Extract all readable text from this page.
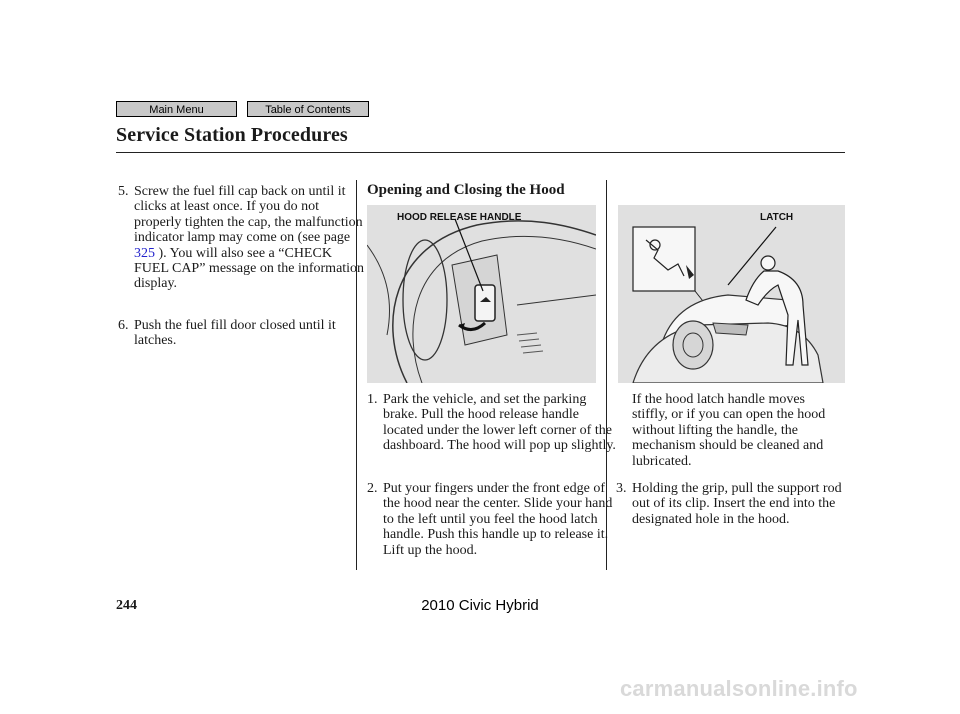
Main Menu	Table of Contents
Service Station Procedures

5. Screw the fuel fill cap back on until it clicks at least once. If you do not properly tighten the cap, the malfunction indicator lamp may come on (see page 325 ). You will also see a “CHECK FUEL CAP” message on the information display.

6. Push the fuel fill door closed until it latches.

Opening and Closing the Hood
HOOD RELEASE HANDLE

1. Park the vehicle, and set the parking brake. Pull the hood release handle located under the lower left corner of the dashboard. The hood will pop up slightly.

2. Put your fingers under the front edge of the hood near the center. Slide your hand to the left until you feel the hood latch handle. Push this handle up to release it. Lift up the hood.

LATCH

If the hood latch handle moves stiffly, or if you can open the hood without lifting the handle, the mechanism should be cleaned and lubricated.

3. Holding the grip, pull the support rod out of its clip. Insert the end into the designated hole in the hood.

244	2010 Civic Hybrid
carmanualsonline.info
